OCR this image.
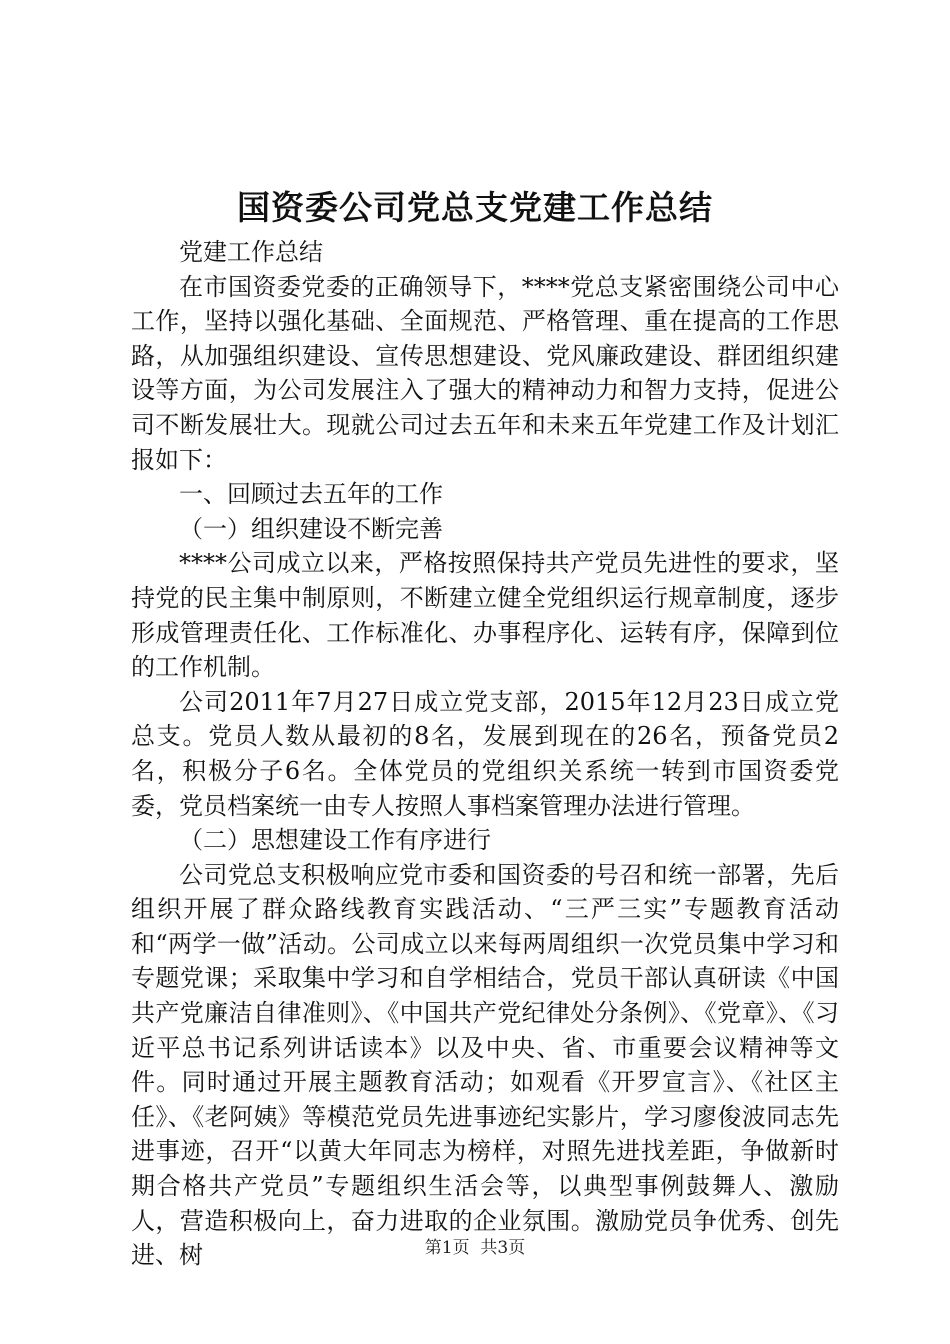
国资委公司党总支党建工作总结

党建工作总结

在市国资委党委的正确领导下，****党总支紧密围绕公司中心工作，坚持以强化基础、全面规范、严格管理、重在提高的工作思路，从加强组织建设、宣传思想建设、党风廉政建设、群团组织建设等方面，为公司发展注入了强大的精神动力和智力支持，促进公司不断发展壮大。现就公司过去五年和未来五年党建工作及计划汇报如下：

一、回顾过去五年的工作

（一）组织建设不断完善

****公司成立以来，严格按照保持共产党员先进性的要求，坚持党的民主集中制原则，不断建立健全党组织运行规章制度，逐步形成管理责任化、工作标准化、办事程序化、运转有序，保障到位的工作机制。

公司2011年7月27日成立党支部，2015年12月23日成立党总支。党员人数从最初的8名，发展到现在的26名，预备党员2名，积极分子6名。全体党员的党组织关系统一转到市国资委党委，党员档案统一由专人按照人事档案管理办法进行管理。

（二）思想建设工作有序进行

公司党总支积极响应党市委和国资委的号召和统一部署，先后组织开展了群众路线教育实践活动、“三严三实”专题教育活动和“两学一做”活动。公司成立以来每两周组织一次党员集中学习和专题党课；采取集中学习和自学相结合，党员干部认真研读《中国共产党廉洁自律准则》、《中国共产党纪律处分条例》、《党章》、《习近平总书记系列讲话读本》以及中央、省、市重要会议精神等文件。同时通过开展主题教育活动；如观看《开罗宣言》、《社区主任》、《老阿姨》等模范党员先进事迹纪实影片，学习廖俊波同志先进事迹，召开“以黄大年同志为榜样，对照先进找差距，争做新时期合格共产党员”专题组织生活会等，以典型事例鼓舞人、激励人，营造积极向上，奋力进取的企业氛围。激励党员争优秀、创先进、树	第1页 共3页
